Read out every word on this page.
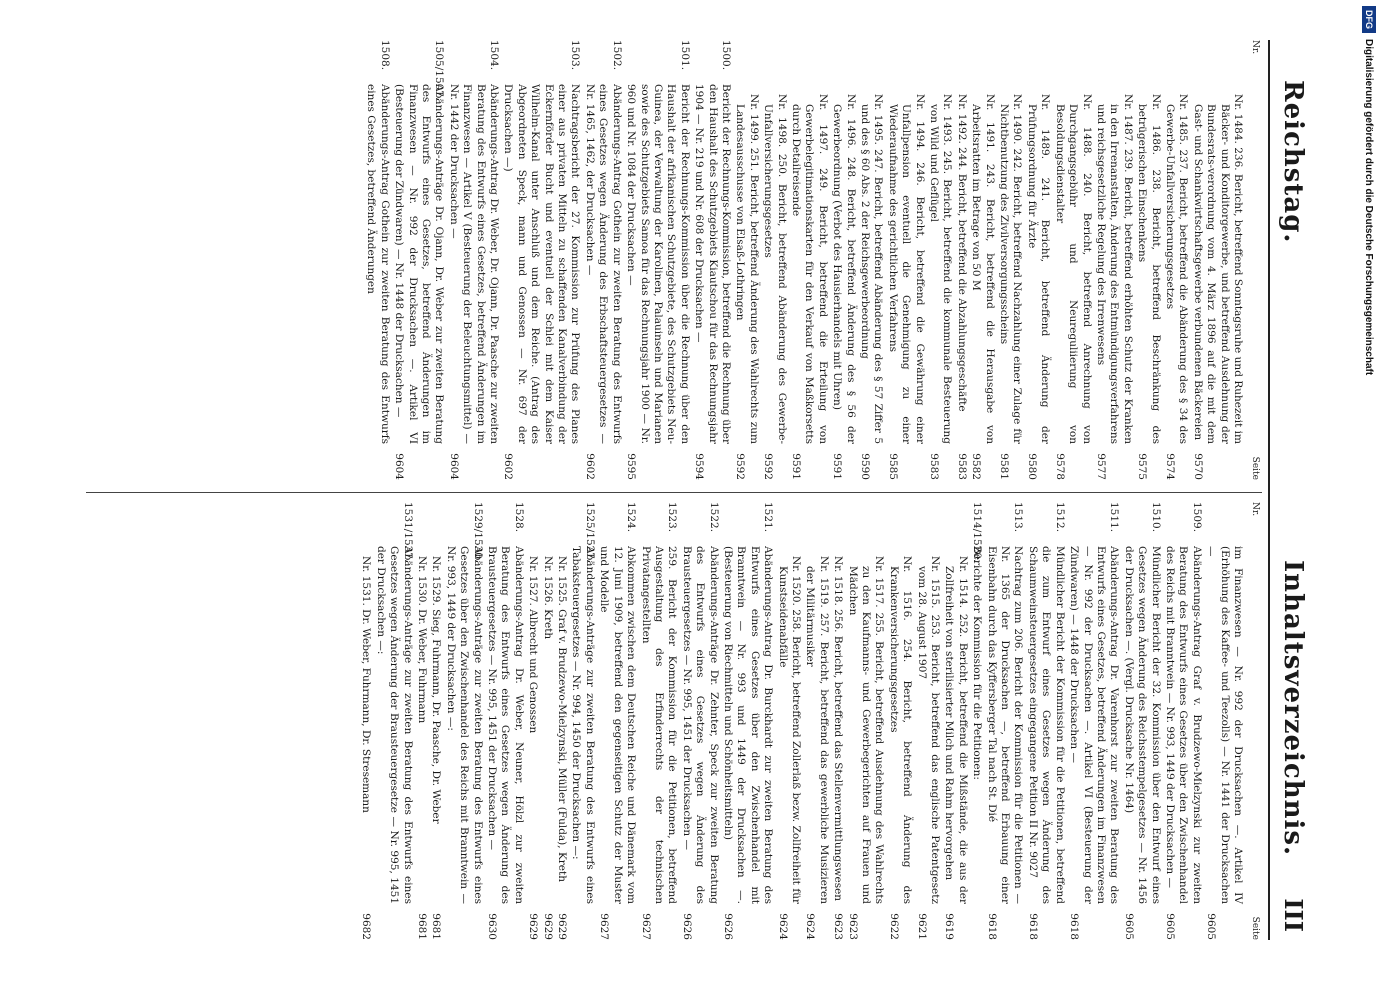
Reichstag.
Inhaltsverzeichnis.
III
Nr.
Seite
Nr. 1484. 236. Bericht, betreffend Sonntagsruhe und Ruhezeit im Bäcker- und Konditorgewerbe, und betreffend Ausdehnung der Bundesrats-verordnung vom 4. März 1896 auf die mit dem Gast- und Schankwirtschaftsgewerbe verbundenen Bäckereien
9570
Nr. 1485. 237. Bericht, betreffend die Abänderung des § 34 des Gewerbe-Unfallversicherungsgesetzes
9574
Nr. 1486. 238. Bericht, betreffend Beschränkung des betrügerischen Einschenkens
9575
Nr. 1487. 239. Bericht, betreffend erhöhten Schutz der Kranken in den Irrenanstalten, Änderung des Entmündigungsverfahrens und reichsgesetzliche Regelung des Irrenwesens
9577
Nr. 1488. 240. Bericht, betreffend Anrechnung von Durchgangsgebühr und Neureguliierung von Besoldungsdienstalter
9578
Nr. 1489. 241. Bericht, betreffend Änderung der Prüfungsordnung für Ärzte
9580
Nr. 1490. 242. Bericht, betreffend Nachzahlung einer Zulage für Nichtbenutzung des Zivilversorgungsscheins
9581
Nr. 1491. 243. Bericht, betreffend die Herausgabe von Arbeitsratten im Betrage von 50 M
9582
Nr. 1492. 244. Bericht, betreffend die Abzahlungsgeschäfte
9583
Nr. 1493. 245. Bericht, betreffend die kommunale Besteuerung von Wild und Geflügel
9583
Nr. 1494. 246. Bericht, betreffend die Gewährung einer Unfallpension eventuell die Genehmigung zu einer Wiederaufnahme des gerichtlichen Verfahrens
9585
Nr. 1495. 247. Bericht, betreffend Abänderung des § 57 Ziffer 5 und des § 60 Abs. 2 der Reichsgewerbeordnung
9590
Nr. 1496. 248. Bericht, betreffend Änderung des § 56 der Gewerbeordnung (Verbot des Hausierhandels mit Uhren)
9591
Nr. 1497. 249. Bericht, betreffend die Erteilung von Gewerbelegitimationskarten für den Verkauf von Maßkorsetts durch Detailreisende
9591
Nr. 1498. 250. Bericht, betreffend Abänderung des Gewerbe-Unfallversicherungsgesetzes
9592
Nr. 1499. 251. Bericht, betreffend Änderung des Wahlrechts zum Landesausschusse von Elsaß-Lothringen
9592
1500.
Bericht der Rechnungs-Kommission, betreffend die Rechnung über den Haushalt des Schutzgebiets Kiautschou für das Rechnungsjahr 1904 — Nr. 219 und Nr. 608 der Drucksachen —
9594
1501.
Bericht der Rechnungs-Kommission über die Rechnung über den Haushalt der afrikanischen Schutzgebiete, des Schutzgebiets Neu-Guinea, der Verwaltung der Karolinen, Palauinseln und Marianen sowie des Schutzgebiets Samoa für das Rechnungsjahr 1900 — Nr. 960 und Nr. 1084 der Drucksachen —
9595
1502.
Abänderungs-Antrag Gothein zur zweiten Beratung des Entwurfs eines Gesetzes wegen Änderung des Erbschaftsteuergesetzes — Nr. 1465, 1462, der Drucksachen —
9602
1503.
Nachtragsbericht der 27. Kommission zur Prüfung des Planes einer aus privaten Mitteln zu schaffenden Kanalverbindung der Eckernförder Bucht und eventuell der Schlei mit dem Kaiser Wilhelm-Kanal unter Anschluß und dem Reiche. (Antrag des Abgeordneten Speck, mann und Genossen — Nr. 697 der Drucksachen —)
9602
1504.
Abänderungs-Antrag Dr. Weber, Dr. Ojann, Dr. Paasche zur zweiten Beratung des Entwurfs eines Gesetzes, betreffend Änderungen im Finanzwesen — Artikel V (Besteuerung der Beleuchtungsmittel) — Nr. 1442 der Drucksachen —
9604
1505/1507.
Abänderungs-Anträge Dr. Ojann, Dr. Weber zur zweiten Beratung des Entwurfs eines Gesetzes, betreffend Änderungen im Finanzwesen — Nr. 992 der Drucksachen —. Artikel VI (Besteuerung der Zündwaren) — Nr. 1448 der Drucksachen —
9604
1508.
Abänderungs-Antrag Gothein zur zweiten Beratung des Entwurfs eines Gesetzes, betreffend Änderungen
Nr.
Seite
im Finanzwesen — Nr. 992 der Drucksachen —. Artikel IV (Erhöhung des Kaffee- und Teezolls) — Nr. 1441 der Drucksachen —
9605
1509.
Abänderungs-Antrag Graf v. Brudzewo-Mielzynski zur zweiten Beratung des Entwurfs eines Gesetzes über den Zwischenhandel des Reichs mit Branntwein — Nr. 993, 1449 der Drucksachen —
9605
1510.
Mündlicher Bericht der 32. Kommission über den Entwurf eines Gesetzes wegen Änderung des Reichsstempelgesetzes — Nr. 1456 der Drucksachen —. (Vergl. Drucksache Nr. 1464)
9605
1511.
Abänderungs-Antrag Dr. Varenhorst zur zweiten Beratung des Entwurfs eines Gesetzes, betreffend Änderungen im Finanzwesen — Nr. 992 der Drucksachen —. Artikel VI (Besteuerung der Zündwaren) — 1448 der Drucksachen —
9618
1512.
Mündlicher Bericht der Kommission für die Petitionen, betreffend die zum Entwurf eines Gesetzes wegen Änderung des Schaumweinsteuergesetzes eingegangene Petition II Nr. 9027
9618
1513.
Nachtrag zum 206. Bericht der Kommission für die Petitionen — Nr. 1365 der Drucksachen —, betreffend Erbauung einer Eisenbahn durch das Kyffersberger Tal nach St. Dié
9618
1514/1520.
Berichte der Kommission für die Petitionen:
Nr. 1514. 252. Bericht, betreffend die Mißstände, die aus der Zollfreiheit von sterilisierter Milch und Rahm hervorgehen
9619
Nr. 1515. 253. Bericht, betreffend das englische Patentgesetz vom 28. August 1907
9621
Nr. 1516. 254. Bericht, betreffend Änderung des Krankenversicherungsgesetzes
9622
Nr. 1517. 255. Bericht, betreffend Ausdehnung des Wahlrechts zu den Kaufmanns- und Gewerbegerichten auf Frauen und Mädchen
9623
Nr. 1518. 256. Bericht, betreffend das Stellenvermittlungswesen
9623
Nr. 1519. 257. Bericht, betreffend das gewerbliche Musizieren der Militärmusiker
9624
Nr. 1520. 258. Bericht, betreffend Zollerlaß bezw. Zollfreiheit für Kunstseidenabfälle
9624
1521.
Abänderungs-Antrag Dr. Burckhardt zur zweiten Beratung des Entwurfs eines Gesetzes über den Zwischenhandel mit Branntwein — Nr. 993 und 1449 der Drucksachen —. (Besteuerung von Riechmitteln und Schönheitsmitteln)
9626
1522.
Abänderungs-Anträge Dr. Zehnter, Speck zur zweiten Beratung des Entwurfs eines Gesetzes wegen Änderung des Brausteuergesetzes — Nr. 995, 1451 der Drucksachen —
9626
1523.
259. Bericht der Kommission für die Petitionen, betreffend Ausgestaltung des Erfinderrechts der technischen Privatangestellten
9627
1524.
Abkommen zwischen dem Deutschen Reiche und Dänemark vom 12. Juni 1909, betreffend den gegenseitigen Schutz der Muster und Modelle
9627
1525/1527.
Abänderungs-Anträge zur zweiten Beratung des Entwurfs eines Tabaksteuergesetzes — Nr. 994, 1450 der Drucksachen —:
Nr. 1525. Graf v. Brudzewo-Mielzynski, Müller (Fulda), Kreth
9629
Nr. 1526. Kreth
9629
Nr. 1527. Albrecht und Genossen
9629
1528.
Abänderungs-Antrag Dr. Weber, Neuner, Hölzl zur zweiten Beratung des Entwurfs eines Gesetzes wegen Änderung des Brausteuergesetzes — Nr. 995, 1451 der Drucksachen —
9630
1529/1530.
Abänderungs-Anträge zur zweiten Beratung des Entwurfs eines Gesetzes über den Zwischenhandel des Reichs mit Branntwein — Nr. 993, 1449 der Drucksachen —:
Nr. 1529. Sieg, Fuhrmann, Dr. Paasche, Dr. Weber
9681
Nr. 1530. Dr. Weber, Fuhrmann
9681
1531/1537.
Abänderungs-Anträge zur zweiten Beratung des Entwurfs eines Gesetzes wegen Änderung der Brausteuergesetze — Nr. 995, 1451 der Drucksachen —:
Nr. 1531. Dr. Weber, Fuhrmann, Dr. Stresemann
9682
DFGDigitalisierung gefördert durch die Deutsche Forschungsgemeinschaft
